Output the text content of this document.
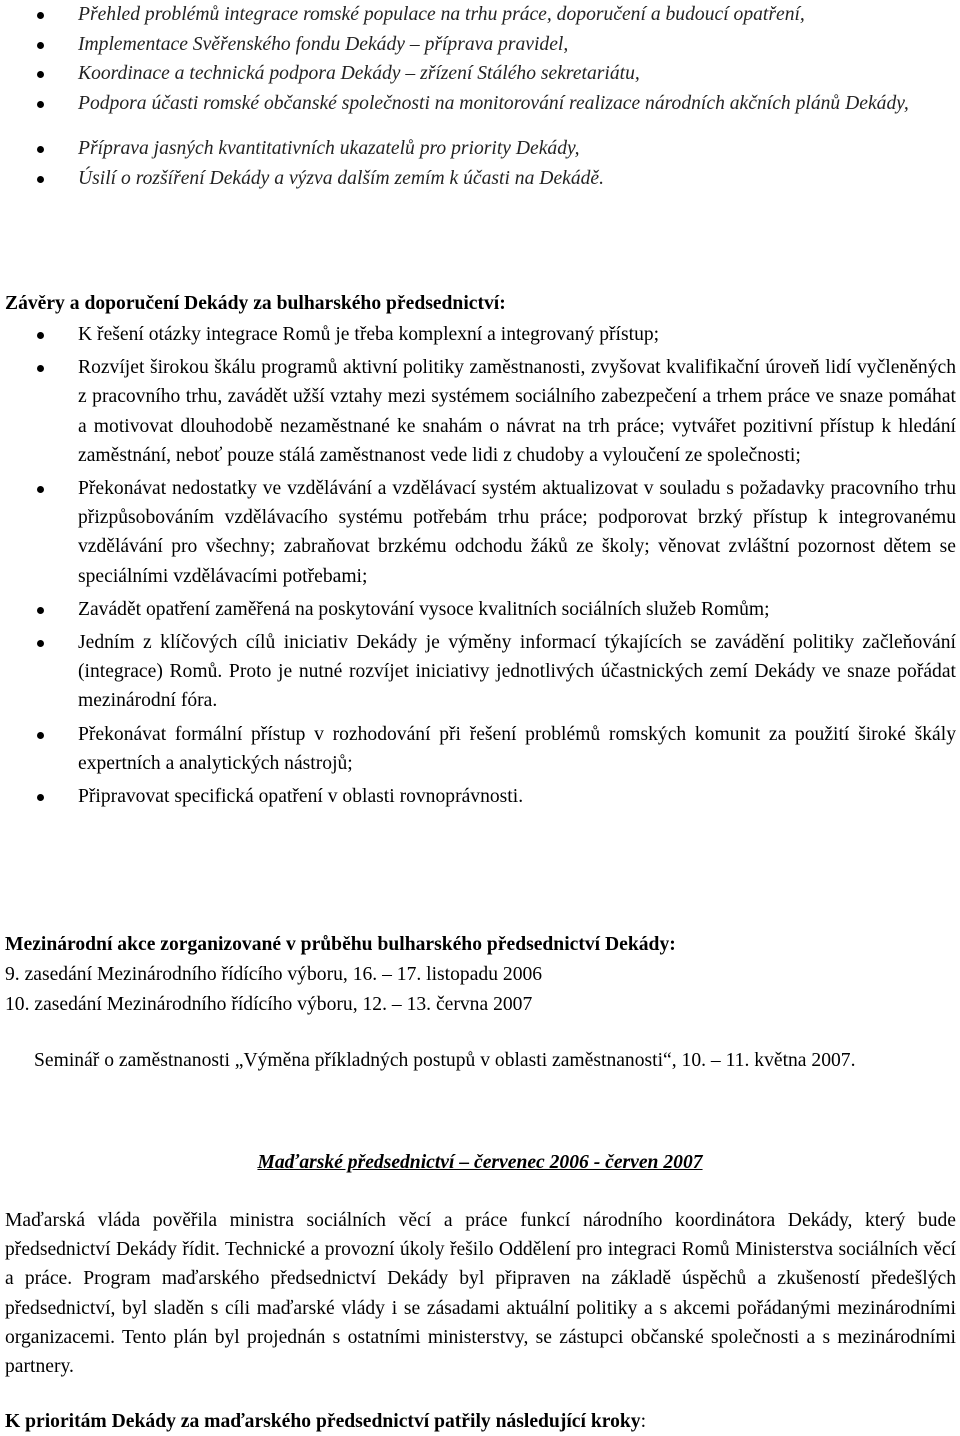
Přehled problémů integrace romské populace na trhu práce, doporučení a budoucí opatření,
Implementace Svěřenského fondu Dekády – příprava pravidel,
Koordinace a technická podpora Dekády – zřízení Stálého sekretariátu,
Podpora účasti romské občanské společnosti na monitorování realizace národních akčních plánů Dekády,
Příprava jasných kvantitativních ukazatelů pro priority Dekády,
Úsilí o rozšíření Dekády a výzva dalším zemím k účasti na Dekádě.
Závěry a doporučení Dekády za bulharského předsednictví:
K řešení otázky integrace Romů je třeba komplexní a integrovaný přístup;
Rozvíjet širokou škálu programů aktivní politiky zaměstnanosti, zvyšovat kvalifikační úroveň lidí vyčleněných z pracovního trhu, zavádět užší vztahy mezi systémem sociálního zabezpečení a trhem práce ve snaze pomáhat a motivovat dlouhodobě nezaměstnané ke snahám o návrat na trh práce; vytvářet pozitivní přístup k hledání zaměstnání, neboť pouze stálá zaměstnanost vede lidi z chudoby a vyloučení ze společnosti;
Překonávat nedostatky ve vzdělávání a vzdělávací systém aktualizovat v souladu s požadavky pracovního trhu přizpůsobováním vzdělávacího systému potřebám trhu práce; podporovat brzký přístup k integrovanému vzdělávání pro všechny; zabraňovat brzkému odchodu žáků ze školy; věnovat zvláštní pozornost dětem se speciálními vzdělávacími potřebami;
Zavádět opatření zaměřená na poskytování vysoce kvalitních sociálních služeb Romům;
Jedním z klíčových cílů iniciativ Dekády je výměny informací týkajících se zavádění politiky začleňování (integrace) Romů. Proto je nutné rozvíjet iniciativy jednotlivých účastnických zemí Dekády ve snaze pořádat mezinárodní fóra.
Překonávat formální přístup v rozhodování při řešení problémů romských komunit za použití široké škály expertních a analytických nástrojů;
Připravovat specifická opatření v oblasti rovnoprávnosti.
Mezinárodní akce zorganizované v průběhu bulharského předsednictví Dekády:
9. zasedání Mezinárodního řídícího výboru, 16. – 17. listopadu 2006
10. zasedání Mezinárodního řídícího výboru, 12. – 13. června 2007
Seminář o zaměstnanosti „Výměna příkladných postupů v oblasti zaměstnanosti“, 10. – 11. května 2007.
Maďarské předsednictví – červenec 2006 - červen 2007

Maďarská vláda pověřila ministra sociálních věcí a práce funkcí národního koordinátora Dekády, který bude předsednictví Dekády řídit. Technické a provozní úkoly řešilo Oddělení pro integraci Romů Ministerstva sociálních věcí a práce. Program maďarského předsednictví Dekády byl připraven na základě úspěchů a zkušeností předešlých předsednictví, byl sladěn s cíli maďarské vlády i se zásadami aktuální politiky a s akcemi pořádanými mezinárodními organizacemi. Tento plán byl projednán s ostatními ministerstvy, se zástupci občanské společnosti a s mezinárodními partnery.

K prioritám Dekády za maďarského předsednictví patřily následující kroky:
